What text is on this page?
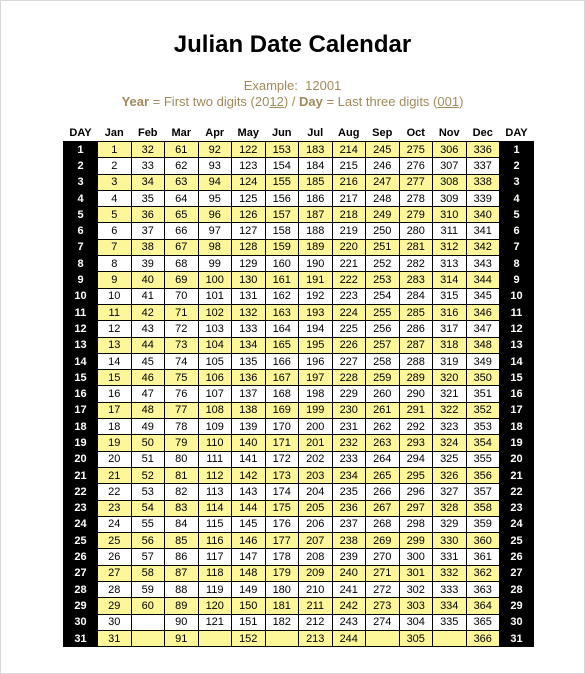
Julian Date Calendar
Example: 12001
Year = First two digits (2012) / Day = Last three digits (001)
DAY	Jan	Feb	Mar	Apr	May	Jun	Jul	Aug	Sep	Oct	Nov	Dec	DAY
1	1	32	61	92	122	153	183	214	245	275	306	336	1
2	2	33	62	93	123	154	184	215	246	276	307	337	2
3	3	34	63	94	124	155	185	216	247	277	308	338	3
4	4	35	64	95	125	156	186	217	248	278	309	339	4
5	5	36	65	96	126	157	187	218	249	279	310	340	5
6	6	37	66	97	127	158	188	219	250	280	311	341	6
7	7	38	67	98	128	159	189	220	251	281	312	342	7
8	8	39	68	99	129	160	190	221	252	282	313	343	8
9	9	40	69	100	130	161	191	222	253	283	314	344	9
10	10	41	70	101	131	162	192	223	254	284	315	345	10
11	11	42	71	102	132	163	193	224	255	285	316	346	11
12	12	43	72	103	133	164	194	225	256	286	317	347	12
13	13	44	73	104	134	165	195	226	257	287	318	348	13
14	14	45	74	105	135	166	196	227	258	288	319	349	14
15	15	46	75	106	136	167	197	228	259	289	320	350	15
16	16	47	76	107	137	168	198	229	260	290	321	351	16
17	17	48	77	108	138	169	199	230	261	291	322	352	17
18	18	49	78	109	139	170	200	231	262	292	323	353	18
19	19	50	79	110	140	171	201	232	263	293	324	354	19
20	20	51	80	111	141	172	202	233	264	294	325	355	20
21	21	52	81	112	142	173	203	234	265	295	326	356	21
22	22	53	82	113	143	174	204	235	266	296	327	357	22
23	23	54	83	114	144	175	205	236	267	297	328	358	23
24	24	55	84	115	145	176	206	237	268	298	329	359	24
25	25	56	85	116	146	177	207	238	269	299	330	360	25
26	26	57	86	117	147	178	208	239	270	300	331	361	26
27	27	58	87	118	148	179	209	240	271	301	332	362	27
28	28	59	88	119	149	180	210	241	272	302	333	363	28
29	29	60	89	120	150	181	211	242	273	303	334	364	29
30	30		90	121	151	182	212	243	274	304	335	365	30
31	31		91		152		213	244		305		366	31
